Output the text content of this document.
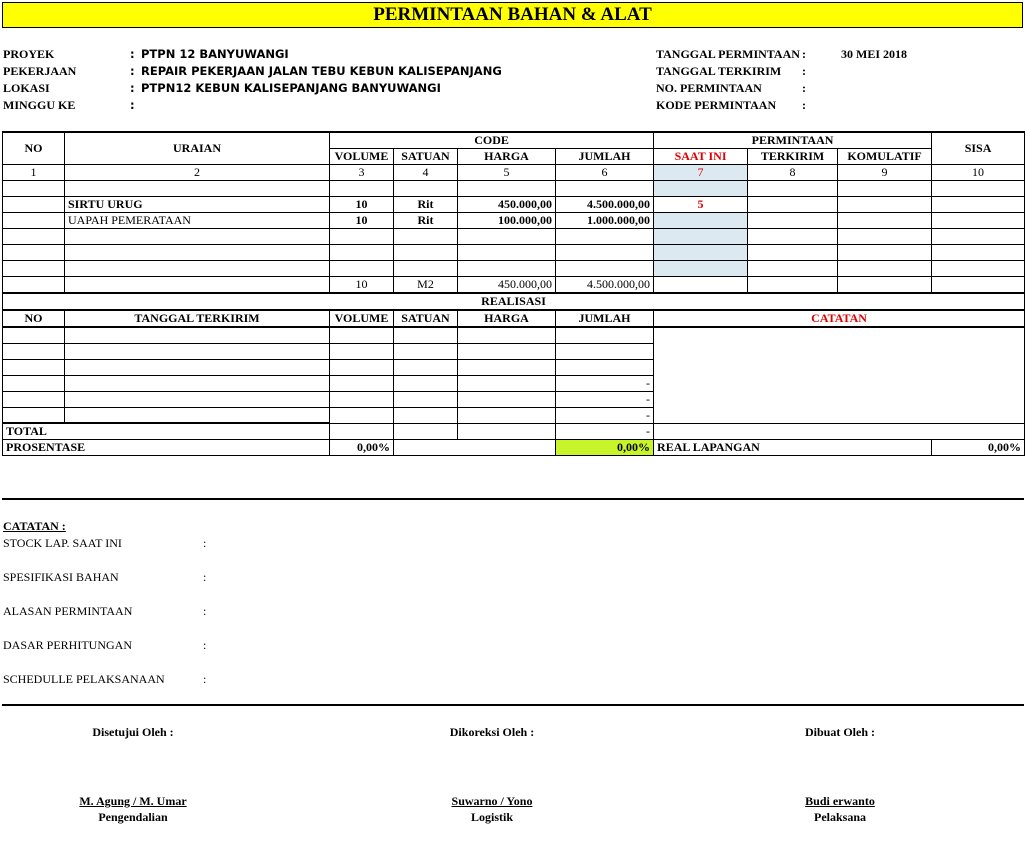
PERMINTAAN BAHAN & ALAT
PROYEK	: PTPN 12 BANYUWANGI
PEKERJAAN	: REPAIR PEKERJAAN JALAN TEBU KEBUN KALISEPANJANG
LOKASI	: PTPN12 KEBUN KALISEPANJANG BANYUWANGI
MINGGU KE	:
TANGGAL PERMINTAAN :	30 MEI 2018
TANGGAL TERKIRIM :
NO. PERMINTAAN	:
KODE PERMINTAAN :
NO	URAIAN	CODE				PERMINTAAN			SISA
		VOLUME	SATUAN	HARGA	JUMLAH	SAAT INI	TERKIRIM	KOMULATIF	
1	2	3	4	5	6	7	8	9	10

	SIRTU URUG	10	Rit	450.000,00	4.500.000,00	5			
	UAPAH PEMERATAAN	10	Rit	100.000,00	1.000.000,00				

		10	M2	450.000,00	4.500.000,00				
REALISASI									
NO	TANGGAL TERKIRIM	VOLUME	SATUAN	HARGA	JUMLAH	CATATAN			

					-				
					-				
					-				
TOTAL					-				
PROSENTASE		0,00%			0,00%	REAL LAPANGAN			0,00%
CATATAN :
STOCK LAP. SAAT INI	:
SPESIFIKASI BAHAN	:
ALASAN PERMINTAAN	:
DASAR PERHITUNGAN	:
SCHEDULLE PELAKSANAAN	:
Disetujui Oleh :
M. Agung / M. Umar
Pengendalian
Dikoreksi Oleh :
Suwarno / Yono
Logistik
Dibuat Oleh :
Budi erwanto
Pelaksana
